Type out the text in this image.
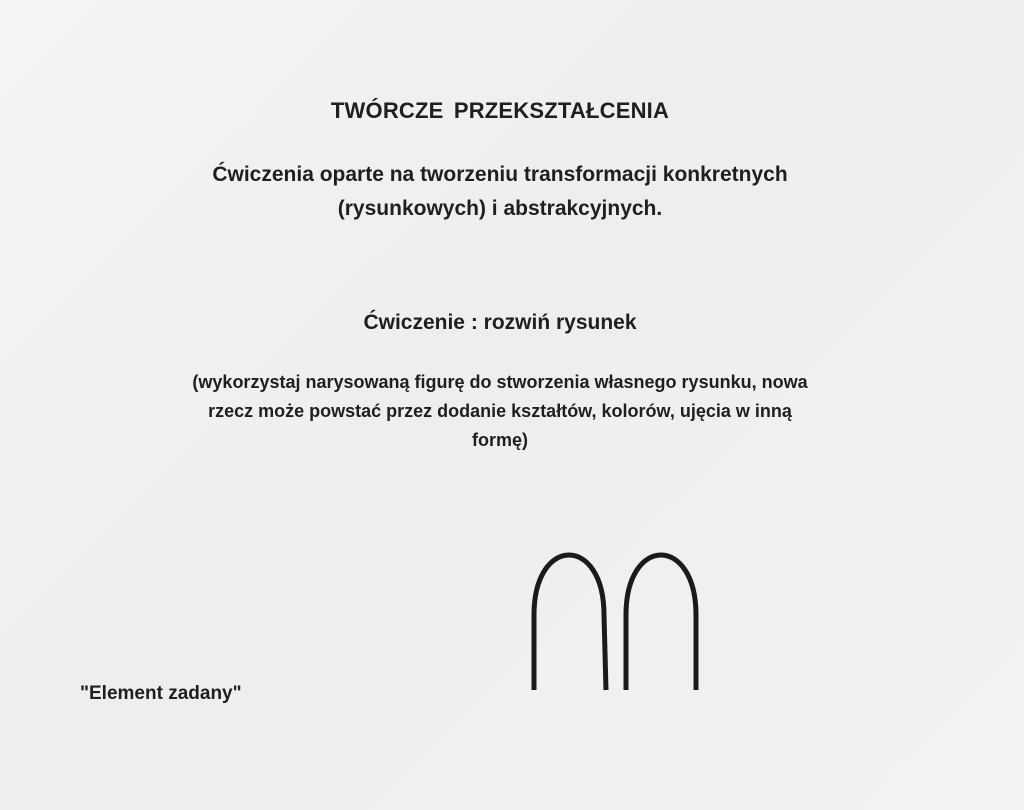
TWÓRCZE PRZEKSZTAŁCENIA
Ćwiczenia oparte na tworzeniu transformacji konkretnych
(rysunkowych) i abstrakcyjnych.
Ćwiczenie : rozwiń rysunek
(wykorzystaj narysowaną figurę do stworzenia własnego rysunku, nowa
rzecz może powstać przez dodanie kształtów, kolorów, ujęcia w inną
formę)
"Element zadany"
